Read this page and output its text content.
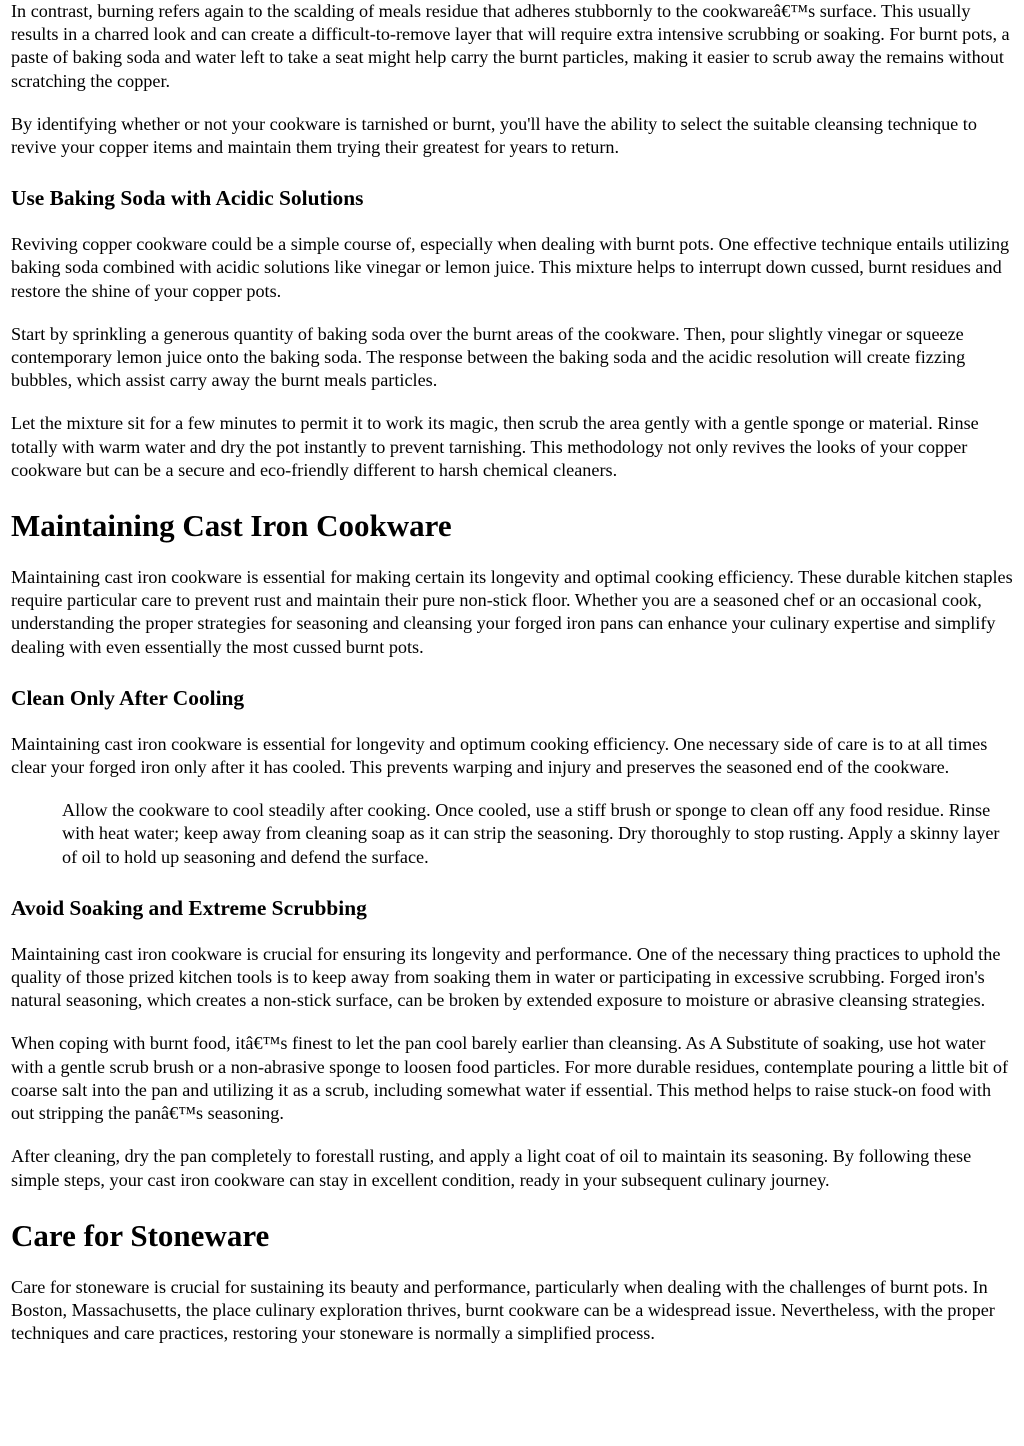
In contrast, burning refers again to the scalding of meals residue that adheres stubbornly to the cookwareâ€™s surface. This usually results in a charred look and can create a difficult-to-remove layer that will require extra intensive scrubbing or soaking. For burnt pots, a paste of baking soda and water left to take a seat might help carry the burnt particles, making it easier to scrub away the remains without scratching the copper.

By identifying whether or not your cookware is tarnished or burnt, you'll have the ability to select the suitable cleansing technique to revive your copper items and maintain them trying their greatest for years to return.

Use Baking Soda with Acidic Solutions

Reviving copper cookware could be a simple course of, especially when dealing with burnt pots. One effective technique entails utilizing baking soda combined with acidic solutions like vinegar or lemon juice. This mixture helps to interrupt down cussed, burnt residues and restore the shine of your copper pots.

Start by sprinkling a generous quantity of baking soda over the burnt areas of the cookware. Then, pour slightly vinegar or squeeze contemporary lemon juice onto the baking soda. The response between the baking soda and the acidic resolution will create fizzing bubbles, which assist carry away the burnt meals particles.

Let the mixture sit for a few minutes to permit it to work its magic, then scrub the area gently with a gentle sponge or material. Rinse totally with warm water and dry the pot instantly to prevent tarnishing. This methodology not only revives the looks of your copper cookware but can be a secure and eco-friendly different to harsh chemical cleaners.

Maintaining Cast Iron Cookware

Maintaining cast iron cookware is essential for making certain its longevity and optimal cooking efficiency. These durable kitchen staples require particular care to prevent rust and maintain their pure non-stick floor. Whether you are a seasoned chef or an occasional cook, understanding the proper strategies for seasoning and cleansing your forged iron pans can enhance your culinary expertise and simplify dealing with even essentially the most cussed burnt pots.

Clean Only After Cooling

Maintaining cast iron cookware is essential for longevity and optimum cooking efficiency. One necessary side of care is to at all times clear your forged iron only after it has cooled. This prevents warping and injury and preserves the seasoned end of the cookware.

Allow the cookware to cool steadily after cooking. Once cooled, use a stiff brush or sponge to clean off any food residue. Rinse with heat water; keep away from cleaning soap as it can strip the seasoning. Dry thoroughly to stop rusting. Apply a skinny layer of oil to hold up seasoning and defend the surface.

Avoid Soaking and Extreme Scrubbing

Maintaining cast iron cookware is crucial for ensuring its longevity and performance. One of the necessary thing practices to uphold the quality of those prized kitchen tools is to keep away from soaking them in water or participating in excessive scrubbing. Forged iron's natural seasoning, which creates a non-stick surface, can be broken by extended exposure to moisture or abrasive cleansing strategies.

When coping with burnt food, itâ€™s finest to let the pan cool barely earlier than cleansing. As A Substitute of soaking, use hot water with a gentle scrub brush or a non-abrasive sponge to loosen food particles. For more durable residues, contemplate pouring a little bit of coarse salt into the pan and utilizing it as a scrub, including somewhat water if essential. This method helps to raise stuck-on food with out stripping the panâ€™s seasoning.

After cleaning, dry the pan completely to forestall rusting, and apply a light coat of oil to maintain its seasoning. By following these simple steps, your cast iron cookware can stay in excellent condition, ready in your subsequent culinary journey.

Care for Stoneware

Care for stoneware is crucial for sustaining its beauty and performance, particularly when dealing with the challenges of burnt pots. In Boston, Massachusetts, the place culinary exploration thrives, burnt cookware can be a widespread issue. Nevertheless, with the proper techniques and care practices, restoring your stoneware is normally a simplified process.
